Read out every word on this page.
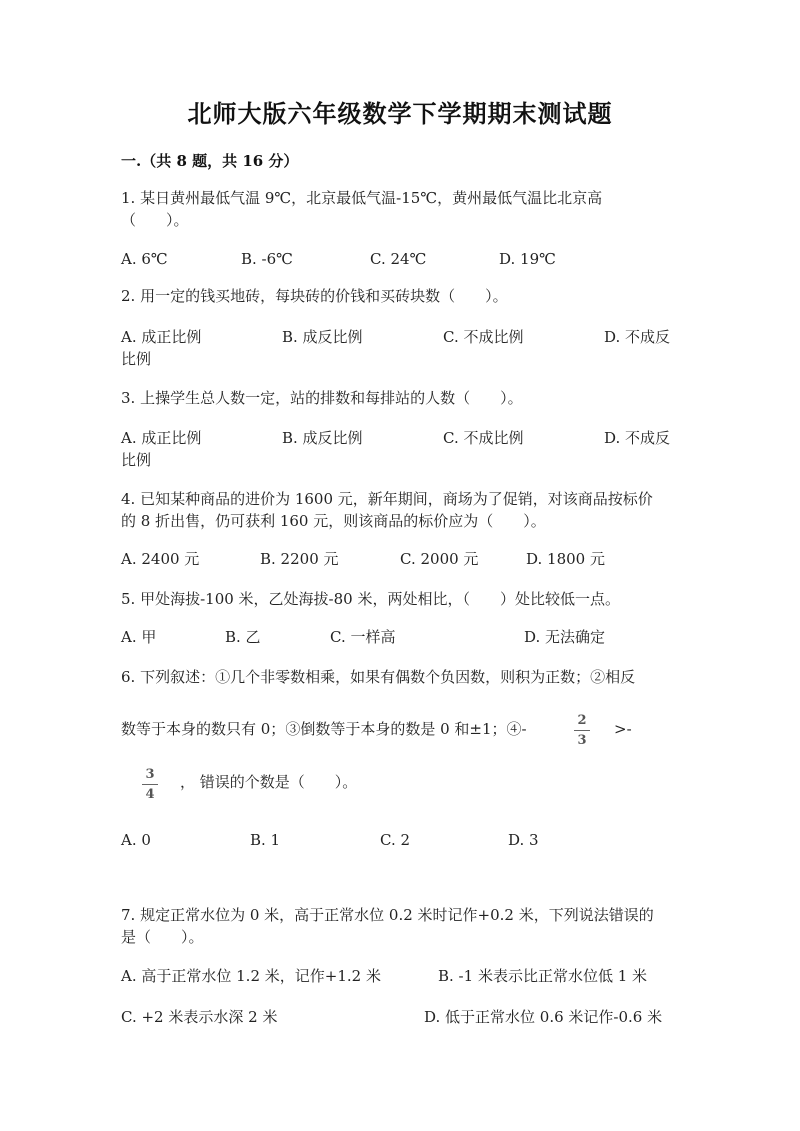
北师大版六年级数学下学期期末测试题
一.（共 8 题，共 16 分）
1. 某日黄州最低气温 9℃，北京最低气温-15℃，黄州最低气温比北京高
（　　）。
A. 6℃	B. -6℃	C. 24℃	D. 19℃
2. 用一定的钱买地砖，每块砖的价钱和买砖块数（　　）。
A. 成正比例	B. 成反比例	C. 不成比例	D. 不成反
比例
3. 上操学生总人数一定，站的排数和每排站的人数（　　）。
A. 成正比例	B. 成反比例	C. 不成比例	D. 不成反
比例
4. 已知某种商品的进价为 1600 元，新年期间，商场为了促销，对该商品按标价
的 8 折出售，仍可获利 160 元，则该商品的标价应为（　　）。
A. 2400 元	B. 2200 元	C. 2000 元	D. 1800 元
5. 甲处海拔-100 米，乙处海拔-80 米，两处相比，（　　）处比较低一点。
A. 甲	B. 乙	C. 一样高	D. 无法确定
6. 下列叙述：①几个非零数相乘，如果有偶数个负因数，则积为正数；②相反
数等于本身的数只有 0；③倒数等于本身的数是 0 和±1；④-	2
3
>-
3
4
， 错误的个数是（　　）。
A. 0	B. 1	C. 2	D. 3
7. 规定正常水位为 0 米，高于正常水位 0.2 米时记作+0.2 米，下列说法错误的
是（　　）。
A. 高于正常水位 1.2 米，记作+1.2 米	B. -1 米表示比正常水位低 1 米
C. +2 米表示水深 2 米	D. 低于正常水位 0.6 米记作-0.6 米
